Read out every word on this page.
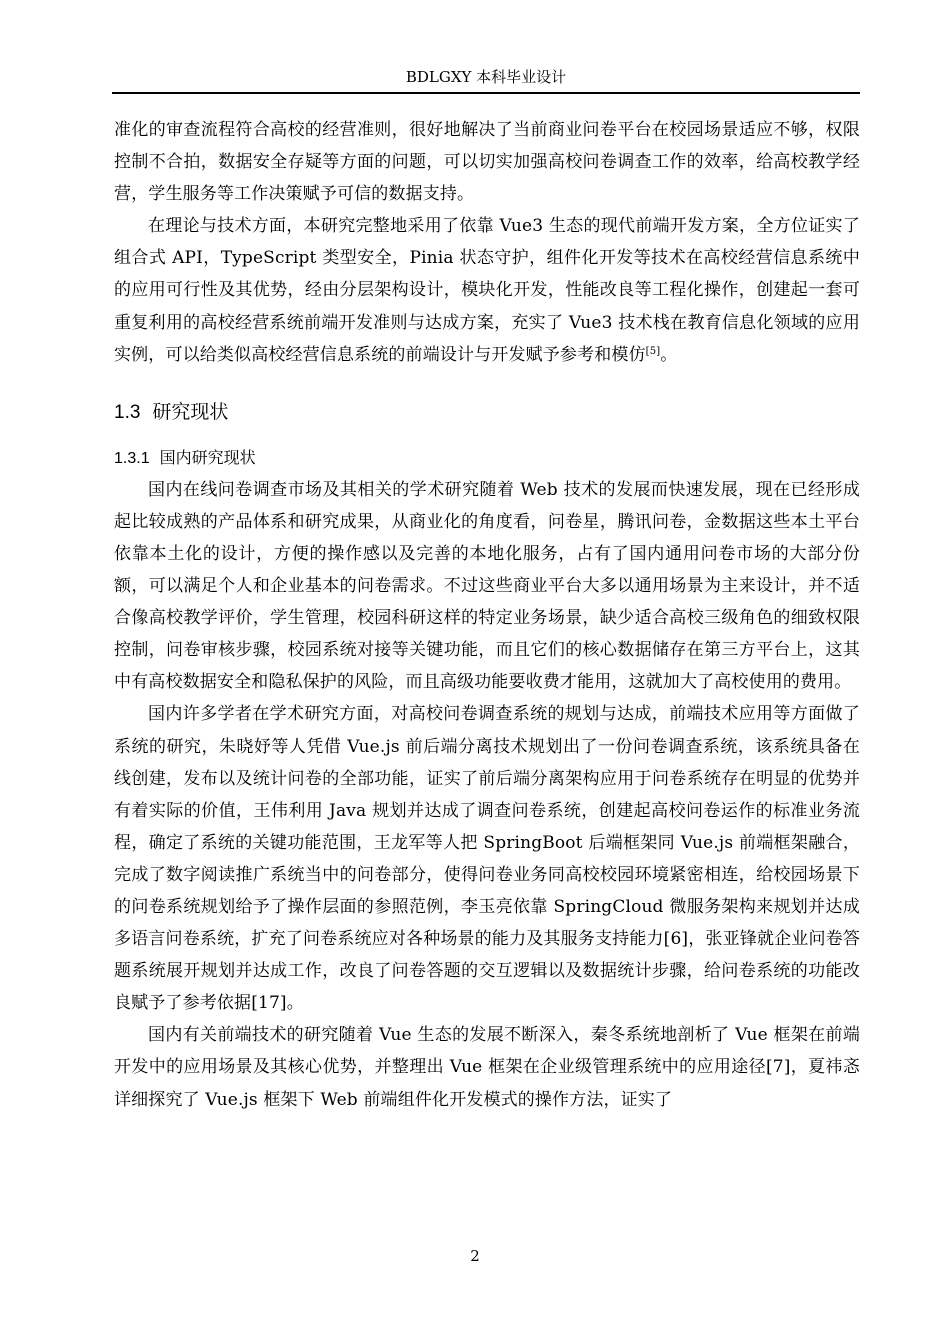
BDLGXY 本科毕业设计

准化的审查流程符合高校的经营准则，很好地解决了当前商业问卷平台在校园场景适应不够，权限控制不合拍，数据安全存疑等方面的问题，可以切实加强高校问卷调查工作的效率，给高校教学经营，学生服务等工作决策赋予可信的数据支持。

在理论与技术方面，本研究完整地采用了依靠 Vue3 生态的现代前端开发方案，全方位证实了组合式 API，TypeScript 类型安全，Pinia 状态守护，组件化开发等技术在高校经营信息系统中的应用可行性及其优势，经由分层架构设计，模块化开发，性能改良等工程化操作，创建起一套可重复利用的高校经营系统前端开发准则与达成方案，充实了 Vue3 技术栈在教育信息化领域的应用实例，可以给类似高校经营信息系统的前端设计与开发赋予参考和模仿[5]。

1.3 研究现状
1.3.1 国内研究现状

国内在线问卷调查市场及其相关的学术研究随着 Web 技术的发展而快速发展，现在已经形成起比较成熟的产品体系和研究成果，从商业化的角度看，问卷星，腾讯问卷，金数据这些本土平台依靠本土化的设计，方便的操作感以及完善的本地化服务，占有了国内通用问卷市场的大部分份额，可以满足个人和企业基本的问卷需求。不过这些商业平台大多以通用场景为主来设计，并不适合像高校教学评价，学生管理，校园科研这样的特定业务场景，缺少适合高校三级角色的细致权限控制，问卷审核步骤，校园系统对接等关键功能，而且它们的核心数据储存在第三方平台上，这其中有高校数据安全和隐私保护的风险，而且高级功能要收费才能用，这就加大了高校使用的费用。

国内许多学者在学术研究方面，对高校问卷调查系统的规划与达成，前端技术应用等方面做了系统的研究，朱晓妤等人凭借 Vue.js 前后端分离技术规划出了一份问卷调查系统，该系统具备在线创建，发布以及统计问卷的全部功能，证实了前后端分离架构应用于问卷系统存在明显的优势并有着实际的价值，王伟利用 Java 规划并达成了调查问卷系统，创建起高校问卷运作的标准业务流程，确定了系统的关键功能范围，王龙军等人把 SpringBoot 后端框架同 Vue.js 前端框架融合，完成了数字阅读推广系统当中的问卷部分，使得问卷业务同高校校园环境紧密相连，给校园场景下的问卷系统规划给予了操作层面的参照范例，李玉亮依靠 SpringCloud 微服务架构来规划并达成多语言问卷系统，扩充了问卷系统应对各种场景的能力及其服务支持能力[6]，张亚锋就企业问卷答题系统展开规划并达成工作，改良了问卷答题的交互逻辑以及数据统计步骤，给问卷系统的功能改良赋予了参考依据[17]。

国内有关前端技术的研究随着 Vue 生态的发展不断深入，秦冬系统地剖析了 Vue 框架在前端开发中的应用场景及其核心优势，并整理出 Vue 框架在企业级管理系统中的应用途径[7]，夏祎忞详细探究了 Vue.js 框架下 Web 前端组件化开发模式的操作方法，证实了

2
